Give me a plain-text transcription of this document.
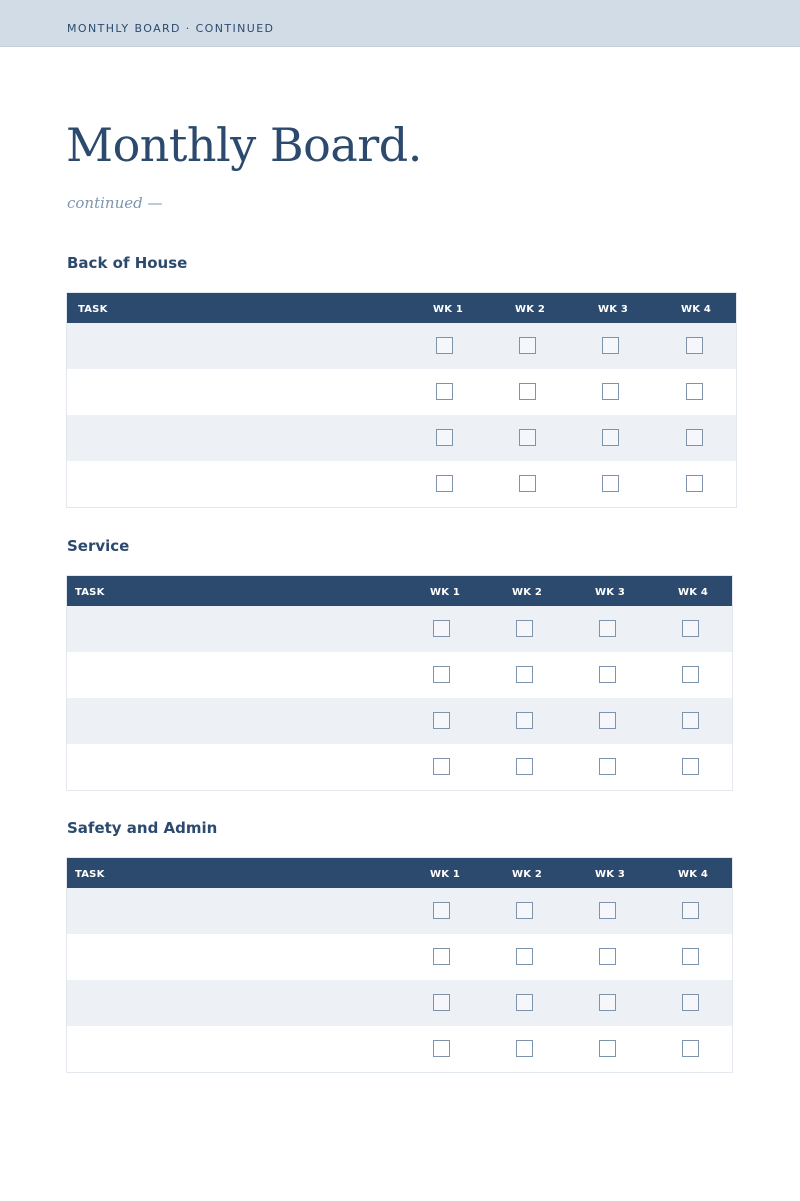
MONTHLY BOARD · CONTINUED
Monthly Board.
continued —
Back of House
TASK	WK 1	WK 2	WK 3	WK 4
Service
TASK	WK 1	WK 2	WK 3	WK 4
Safety and Admin
TASK	WK 1	WK 2	WK 3	WK 4
